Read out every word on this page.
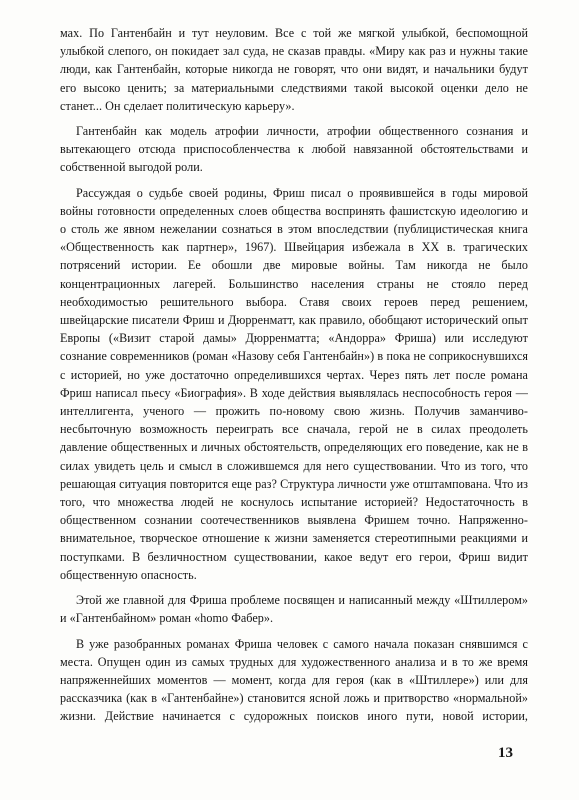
мах. По Гантенбайн и тут неуловим. Все с той же мягкой улыбкой, беспомощной улыбкой слепого, он покидает зал суда, не сказав правды. «Миру как раз и нужны такие люди, как Гантенбайн, которые никогда не говорят, что они видят, и начальники будут его высоко ценить; за материальными следствиями такой высокой оценки дело не станет... Он сделает политическую карьеру».

Гантенбайн как модель атрофии личности, атрофии общественного сознания и вытекающего отсюда приспособленчества к любой навязанной обстоятельствами и собственной выгодой роли.

Рассуждая о судьбе своей родины, Фриш писал о проявившейся в годы мировой войны готовности определенных слоев общества воспринять фашистскую идеологию и о столь же явном нежелании сознаться в этом впоследствии (публицистическая книга «Общественность как партнер», 1967). Швейцария избежала в XX в. трагических потрясений истории. Ее обошли две мировые войны. Там никогда не было концентрационных лагерей. Большинство населения страны не стояло перед необходимостью решительного выбора. Ставя своих героев перед решением, швейцарские писатели Фриш и Дюрренматт, как правило, обобщают исторический опыт Европы («Визит старой дамы» Дюрренматта; «Андорра» Фриша) или исследуют сознание современников (роман «Назову себя Гантенбайн») в пока не соприкоснувшихся с историей, но уже достаточно определившихся чертах. Через пять лет после романа Фриш написал пьесу «Биография». В ходе действия выявлялась неспособность героя — интеллигента, ученого — прожить по-новому свою жизнь. Получив заманчиво-несбыточную возможность переиграть все сначала, герой не в силах преодолеть давление общественных и личных обстоятельств, определяющих его поведение, как не в силах увидеть цель и смысл в сложившемся для него существовании. Что из того, что решающая ситуация повторится еще раз? Структура личности уже отштампована. Что из того, что множества людей не коснулось испытание историей? Недостаточность в общественном сознании соотечественников выявлена Фришем точно. Напряженно-внимательное, творческое отношение к жизни заменяется стереотипными реакциями и поступками. В безличностном существовании, какое ведут его герои, Фриш видит общественную опасность.

Этой же главной для Фриша проблеме посвящен и написанный между «Штиллером» и «Гантенбайном» роман «homo Фабер».

В уже разобранных романах Фриша человек с самого начала показан снявшимся с места. Опущен один из самых трудных для художественного анализа и в то же время напряженнейших моментов — момент, когда для героя (как в «Штиллере») или для рассказчика (как в «Гантенбайне») становится ясной ложь и притворство «нормальной» жизни. Действие начинается с судорожных поисков иного пути, новой истории,

13
